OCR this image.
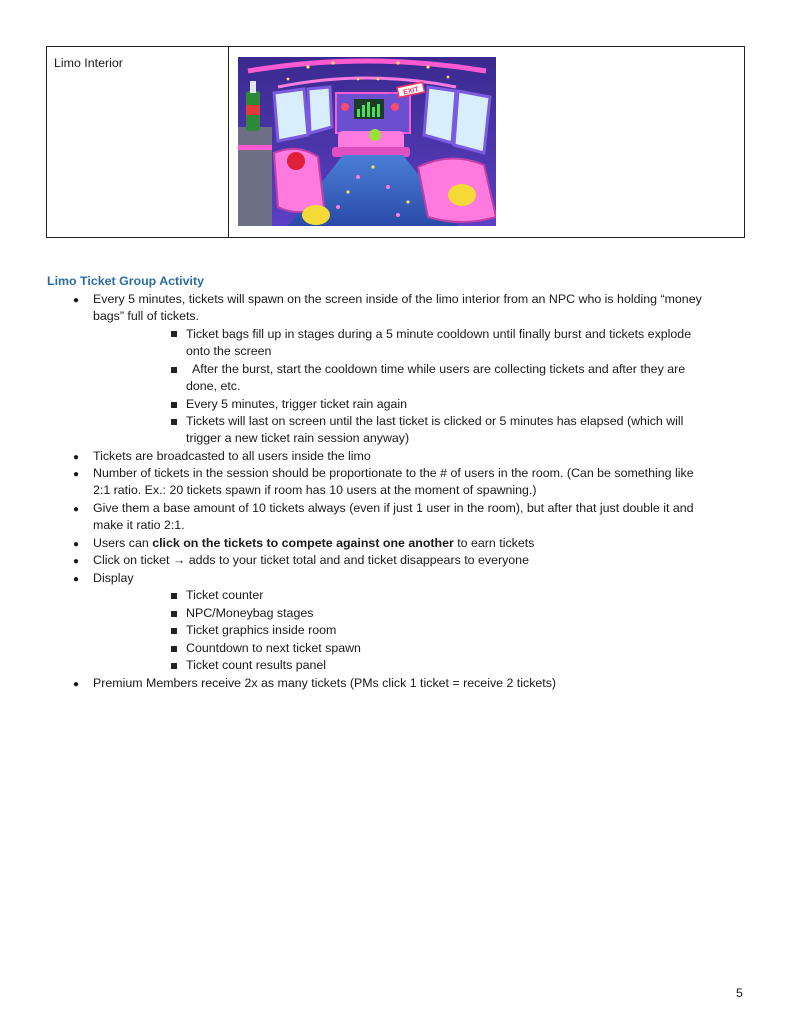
Limo Interior
EXIT
Limo Ticket Group Activity
● Every 5 minutes, tickets will spawn on the screen inside of the limo interior from an NPC who is holding “money
bags” full of tickets.
Ticket bags fill up in stages during a 5 minute cooldown until finally burst and tickets explode
onto the screen
After the burst, start the cooldown time while users are collecting tickets and after they are
done, etc.
Every 5 minutes, trigger ticket rain again
Tickets will last on screen until the last ticket is clicked or 5 minutes has elapsed (which will
trigger a new ticket rain session anyway)
● Tickets are broadcasted to all users inside the limo
● Number of tickets in the session should be proportionate to the # of users in the room. (Can be something like
2:1 ratio. Ex.: 20 tickets spawn if room has 10 users at the moment of spawning.)
● Give them a base amount of 10 tickets always (even if just 1 user in the room), but after that just double it and
make it ratio 2:1.
● Users can click on the tickets to compete against one another to earn tickets
● Click on ticket → adds to your ticket total and and ticket disappears to everyone
● Display
Ticket counter
NPC/Moneybag stages
Ticket graphics inside room
Countdown to next ticket spawn
Ticket count results panel
● Premium Members receive 2x as many tickets (PMs click 1 ticket = receive 2 tickets)
5
